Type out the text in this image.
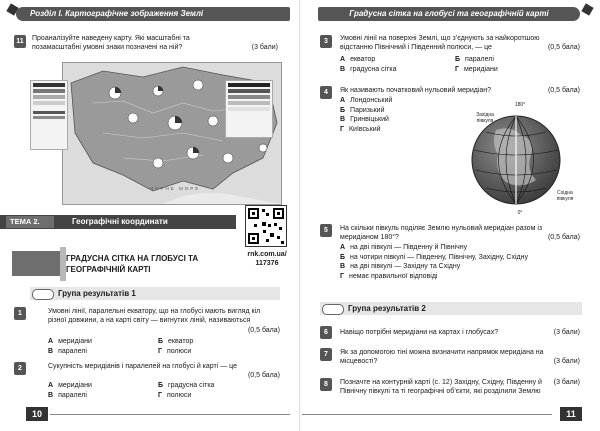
Розділ І. Картографічне зображення Землі
11	Проаналізуйте наведену карту. Які масштабні та позамасштабні умовні знаки позначені на ній?	(3 бали)
ЧОРНЕ МОРЕ
ТЕМА 2.	Географічні координати
rnk.com.ua/
117376
ГРАДУСНА СІТКА НА ГЛОБУСІ ТА ГЕОГРАФІЧНІЙ КАРТІ
Група результатів 1
1	Умовні лінії, паралельні екватору, що на глобусі мають вигляд кіл різної довжини, а на карті світу — вигнутих ліній, називаються
(0,5 бала)
А меридіани	Б екватор
В паралелі	Г полюси
2	Сукупність меридіанів і паралелей на глобусі й карті — це
(0,5 бала)
А меридіани	Б градусна сітка
В паралелі	Г полюси
10
Градусна сітка на глобусі та географічній карті
3	Умовні лінії на поверхні Землі, що з’єднують за найкоротшою відстанню Північний і Південний полюси, — це	(0,5 бала)
А екватор	Б паралелі
В градусна сітка	Г меридіани
4	Як називають початковий нульовий меридіан?	(0,5 бала)
А Лондонський
Б Паризький
В Гринвіцький
Г Київський
180°
Західна
півкуля
Східна
півкуля
0°
5	На скільки півкуль поділяє Землю нульовий меридіан разом із меридіаном 180°?	(0,5 бала)
А на дві півкулі — Південну й Північну
Б на чотири півкулі — Південну, Північну, Західну, Східну
В на дві півкулі — Західну та Східну
Г немає правильної відповіді
Група результатів 2
6	Навіщо потрібні меридіани на картах і глобусах?	(3 бали)
7	Як за допомогою тіні можна визначити напрямок меридіана на місцевості?	(3 бали)
8	Позначте на контурній карті (с. 12) Західну, Східну, Південну й Північну півкулі та ті географічні об’єкти, які розділили Землю
(3 бали)
11
